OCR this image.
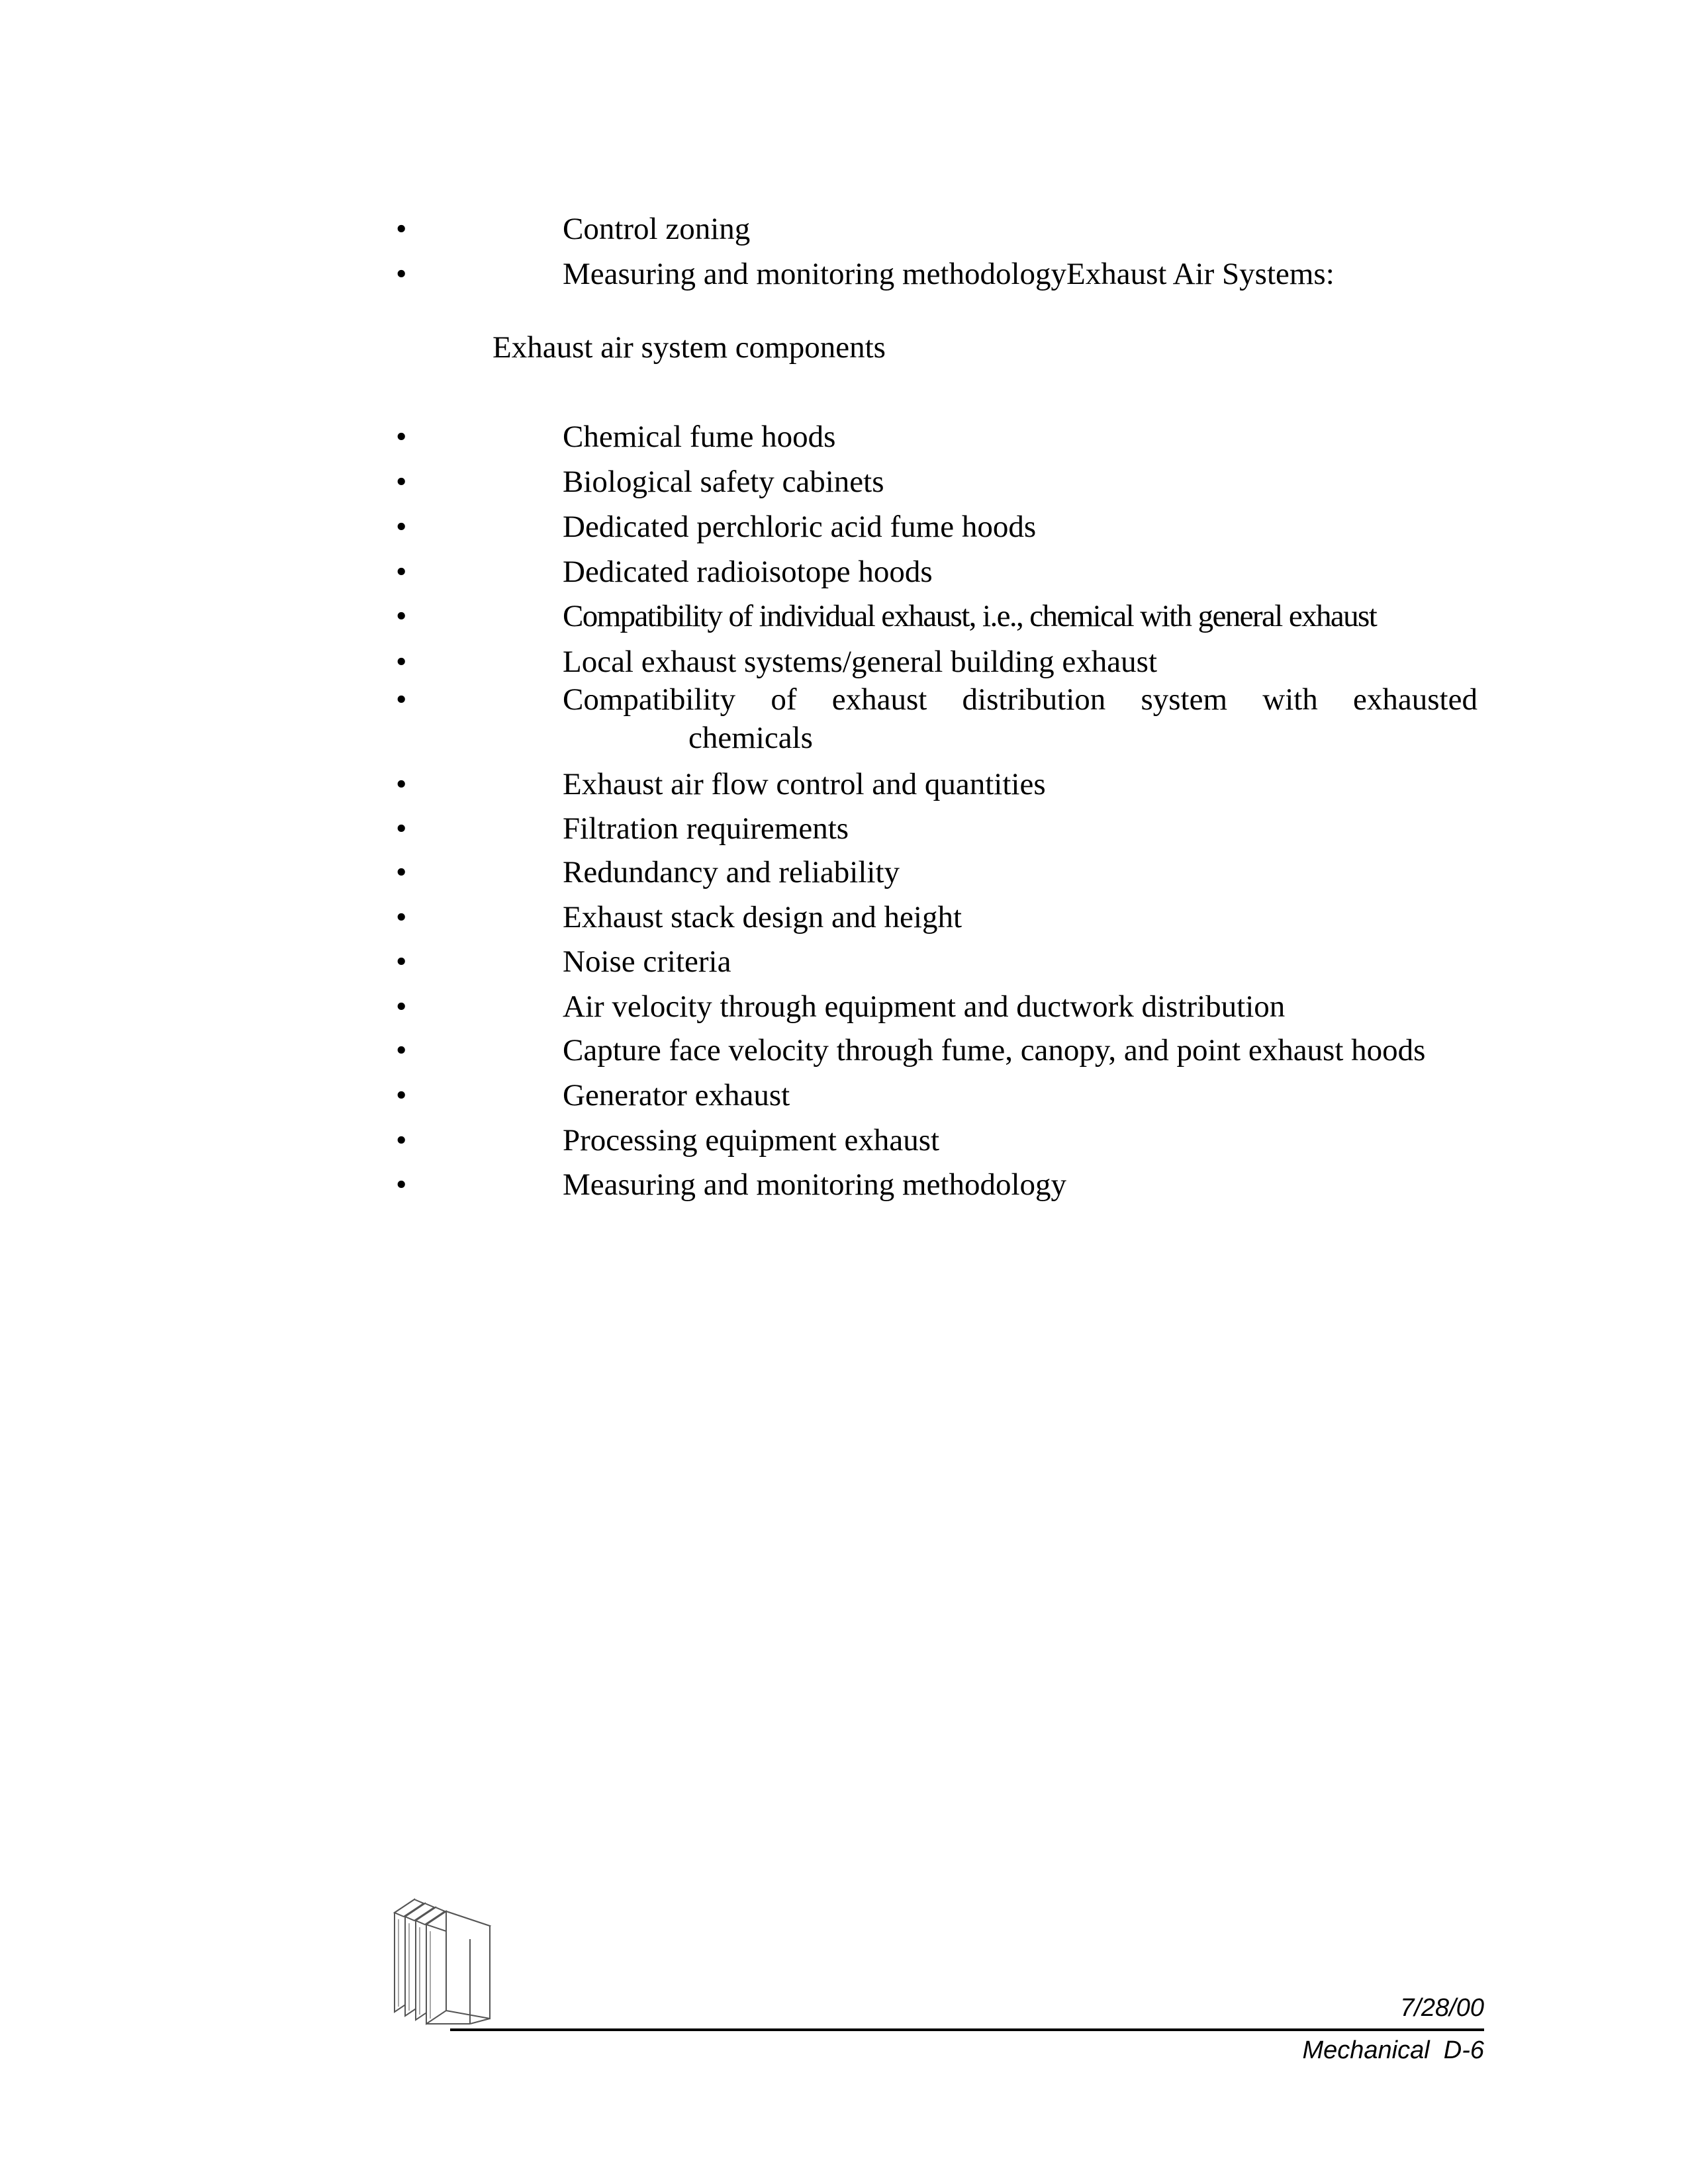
•	Control zoning
•	Measuring and monitoring methodologyExhaust Air Systems:
Exhaust air system components
•	Chemical fume hoods
•	Biological safety cabinets
•	Dedicated perchloric acid fume hoods
•	Dedicated radioisotope hoods
•	Compatibility of individual exhaust, i.e., chemical with general exhaust
•	Local exhaust systems/general building exhaust
•	Compatibility of exhaust distribution system with exhausted
chemicals
•	Exhaust air flow control and quantities
•	Filtration requirements
•	Redundancy and reliability
•	Exhaust stack design and height
•	Noise criteria
•	Air velocity through equipment and ductwork distribution
•	Capture face velocity through fume, canopy, and point exhaust hoods
•	Generator exhaust
•	Processing equipment exhaust
•	Measuring and monitoring methodology
7/28/00
Mechanical  D-6
